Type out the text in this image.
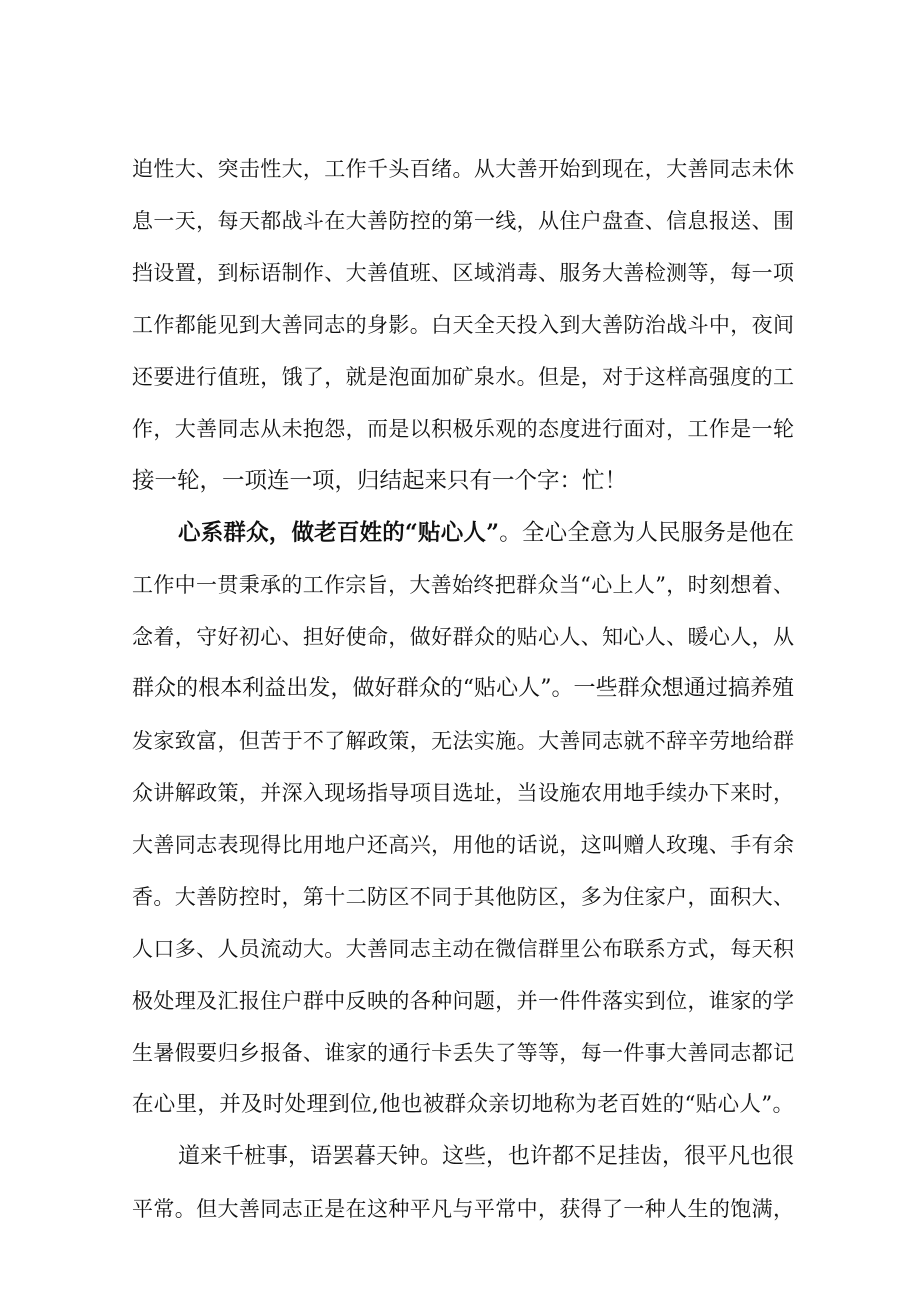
迫性大、突击性大，工作千头百绪。从大善开始到现在，大善同志未休
息一天，每天都战斗在大善防控的第一线，从住户盘查、信息报送、围
挡设置，到标语制作、大善值班、区域消毒、服务大善检测等，每一项
工作都能见到大善同志的身影。白天全天投入到大善防治战斗中，夜间
还要进行值班，饿了，就是泡面加矿泉水。但是，对于这样高强度的工
作，大善同志从未抱怨，而是以积极乐观的态度进行面对，工作是一轮
接一轮，一项连一项，归结起来只有一个字：忙！
心系群众，做老百姓的“贴心人”。全心全意为人民服务是他在
工作中一贯秉承的工作宗旨，大善始终把群众当“心上人”，时刻想着、
念着，守好初心、担好使命，做好群众的贴心人、知心人、暖心人，从
群众的根本利益出发，做好群众的“贴心人”。一些群众想通过搞养殖
发家致富，但苦于不了解政策，无法实施。大善同志就不辞辛劳地给群
众讲解政策，并深入现场指导项目选址，当设施农用地手续办下来时，
大善同志表现得比用地户还高兴，用他的话说，这叫赠人玫瑰、手有余
香。大善防控时，第十二防区不同于其他防区，多为住家户，面积大、
人口多、人员流动大。大善同志主动在微信群里公布联系方式，每天积
极处理及汇报住户群中反映的各种问题，并一件件落实到位，谁家的学
生暑假要归乡报备、谁家的通行卡丢失了等等，每一件事大善同志都记
在心里，并及时处理到位,他也被群众亲切地称为老百姓的“贴心人”。
道来千桩事，语罢暮天钟。这些，也许都不足挂齿，很平凡也很
平常。但大善同志正是在这种平凡与平常中，获得了一种人生的饱满，
